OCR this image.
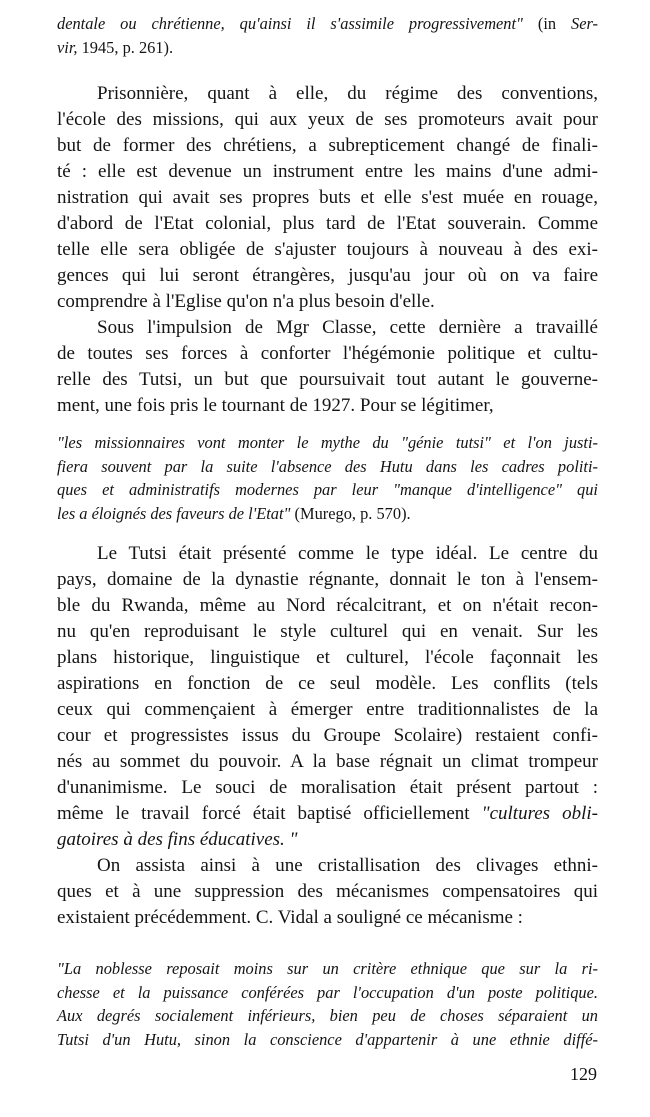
dentale ou chrétienne, qu'ainsi il s'assimile progressivement" (in Ser-
vir, 1945, p. 261).
Prisonnière, quant à elle, du régime des conventions,
l'école des missions, qui aux yeux de ses promoteurs avait pour
but de former des chrétiens, a subrepticement changé de finali-
té : elle est devenue un instrument entre les mains d'une admi-
nistration qui avait ses propres buts et elle s'est muée en rouage,
d'abord de l'Etat colonial, plus tard de l'Etat souverain. Comme
telle elle sera obligée de s'ajuster toujours à nouveau à des exi-
gences qui lui seront étrangères, jusqu'au jour où on va faire
comprendre à l'Eglise qu'on n'a plus besoin d'elle.
Sous l'impulsion de Mgr Classe, cette dernière a travaillé
de toutes ses forces à conforter l'hégémonie politique et cultu-
relle des Tutsi, un but que poursuivait tout autant le gouverne-
ment, une fois pris le tournant de 1927. Pour se légitimer,
"les missionnaires vont monter le mythe du "génie tutsi" et l'on justi-
fiera souvent par la suite l'absence des Hutu dans les cadres politi-
ques et administratifs modernes par leur "manque d'intelligence" qui
les a éloignés des faveurs de l'Etat" (Murego, p. 570).
Le Tutsi était présenté comme le type idéal. Le centre du
pays, domaine de la dynastie régnante, donnait le ton à l'ensem-
ble du Rwanda, même au Nord récalcitrant, et on n'était recon-
nu qu'en reproduisant le style culturel qui en venait. Sur les
plans historique, linguistique et culturel, l'école façonnait les
aspirations en fonction de ce seul modèle. Les conflits (tels
ceux qui commençaient à émerger entre traditionnalistes de la
cour et progressistes issus du Groupe Scolaire) restaient confi-
nés au sommet du pouvoir. A la base régnait un climat trompeur
d'unanimisme. Le souci de moralisation était présent partout :
même le travail forcé était baptisé officiellement "cultures obli-
gatoires à des fins éducatives. "
On assista ainsi à une cristallisation des clivages ethni-
ques et à une suppression des mécanismes compensatoires qui
existaient précédemment. C. Vidal a souligné ce mécanisme :
"La noblesse reposait moins sur un critère ethnique que sur la ri-
chesse et la puissance conférées par l'occupation d'un poste politique.
Aux degrés socialement inférieurs, bien peu de choses séparaient un
Tutsi d'un Hutu, sinon la conscience d'appartenir à une ethnie diffé-
129
